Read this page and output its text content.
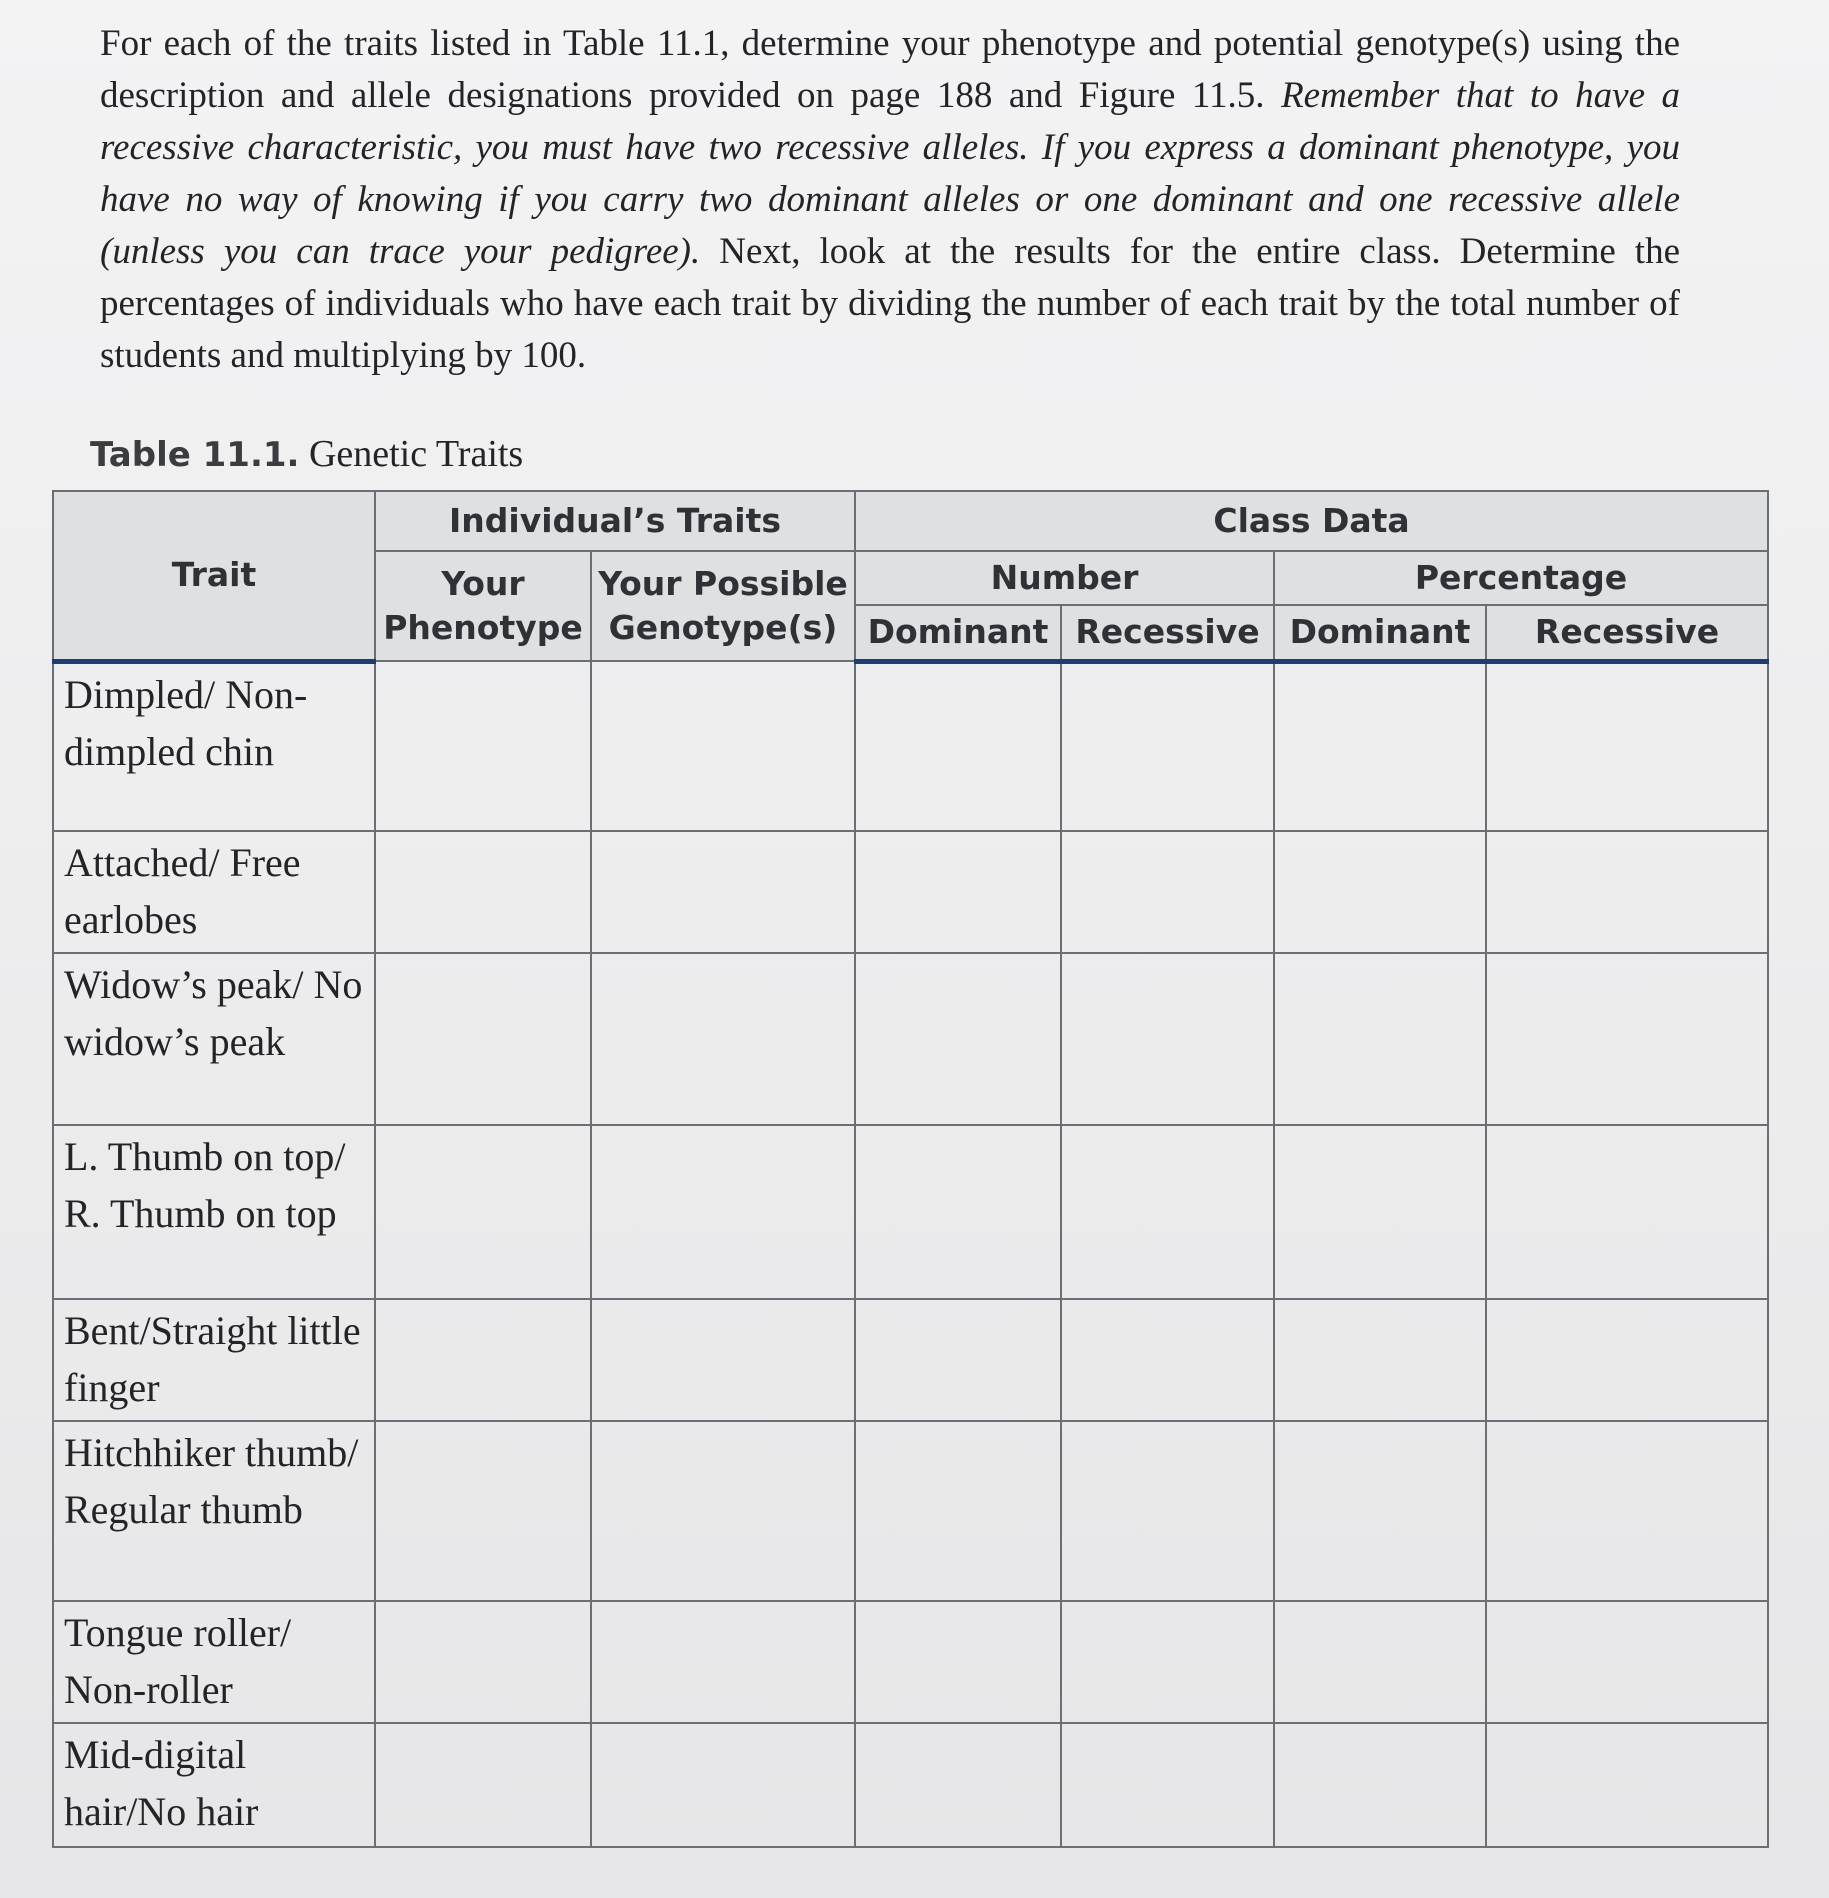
For each of the traits listed in Table 11.1, determine your phenotype and potential genotype(s) using the description and allele designations provided on page 188 and Figure 11.5. Remember that to have a recessive characteristic, you must have two recessive alleles. If you express a dominant phenotype, you have no way of knowing if you carry two dominant alleles or one dominant and one recessive allele (unless you can trace your pedigree). Next, look at the results for the entire class. Determine the percentages of individuals who have each trait by dividing the number of each trait by the total number of students and multiplying by 100.

Table 11.1. Genetic Traits

Trait	Individual’s Traits		Class Data			
	Your Phenotype	Your Possible Genotype(s)	Number		Percentage	
			Dominant	Recessive	Dominant	Recessive
Dimpled/ Non-dimpled chin						
Attached/ Free earlobes						
Widow’s peak/ No widow’s peak						
L. Thumb on top/ R. Thumb on top						
Bent/Straight little finger						
Hitchhiker thumb/ Regular thumb						
Tongue roller/ Non-roller						
Mid-digital hair/No hair						
